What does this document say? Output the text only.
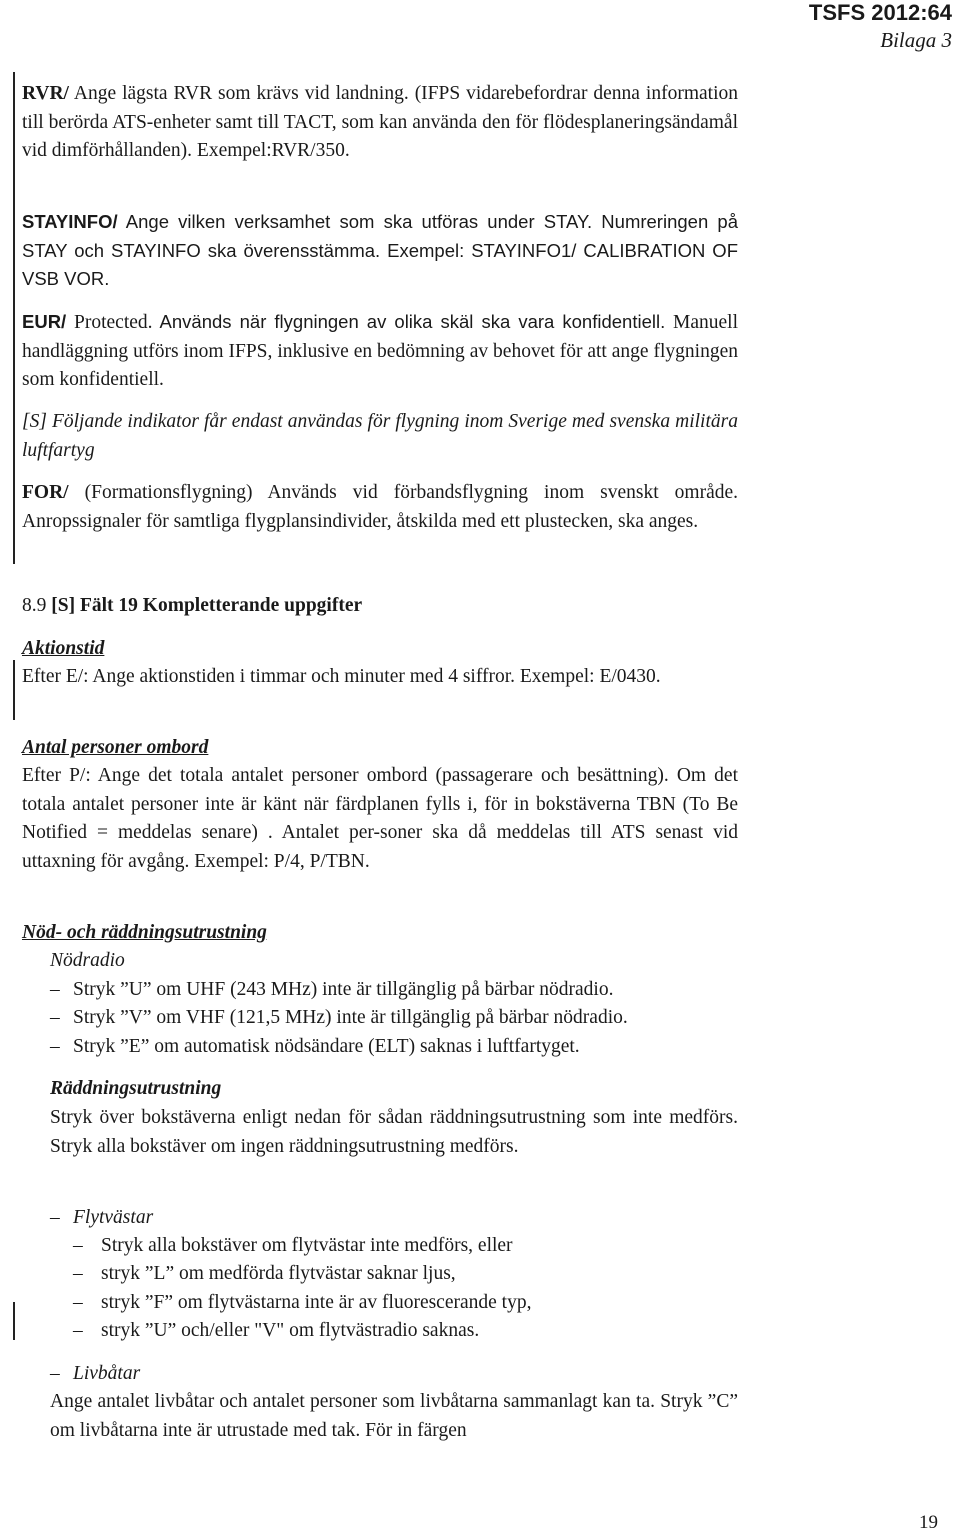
TSFS 2012:64
Bilaga 3

RVR/ Ange lägsta RVR som krävs vid landning. (IFPS vidarebefordrar denna information till berörda ATS-enheter samt till TACT, som kan använda den för flödesplaneringsändamål vid dimförhållanden). Exempel:RVR/350.

STAYINFO/ Ange vilken verksamhet som ska utföras under STAY. Numreringen på STAY och STAYINFO ska överensstämma. Exempel: STAYINFO1/ CALIBRATION OF VSB VOR.

EUR/ Protected. Används när flygningen av olika skäl ska vara konfidentiell. Manuell handläggning utförs inom IFPS, inklusive en bedömning av behovet för att ange flygningen som konfidentiell.

[S] Följande indikator får endast användas för flygning inom Sverige med svenska militära luftfartyg

FOR/ (Formationsflygning) Används vid förbandsflygning inom svenskt område. Anropssignaler för samtliga flygplansindivider, åtskilda med ett plustecken, ska anges.

8.9 [S] Fält 19 Kompletterande uppgifter

Aktionstid

Efter E/: Ange aktionstiden i timmar och minuter med 4 siffror. Exempel: E/0430.

Antal personer ombord

Efter P/: Ange det totala antalet personer ombord (passagerare och besättning). Om det totala antalet personer inte är känt när färdplanen fylls i, för in bokstäverna TBN (To Be Notified = meddelas senare) . Antalet per-soner ska då meddelas till ATS senast vid uttaxning för avgång. Exempel: P/4, P/TBN.

Nöd- och räddningsutrustning

Nödradio

– Stryk ”U” om UHF (243 MHz) inte är tillgänglig på bärbar nödradio.
– Stryk ”V” om VHF (121,5 MHz) inte är tillgänglig på bärbar nödradio.
– Stryk ”E” om automatisk nödsändare (ELT) saknas i luftfartyget.

Räddningsutrustning

Stryk över bokstäverna enligt nedan för sådan räddningsutrustning som inte medförs. Stryk alla bokstäver om ingen räddningsutrustning medförs.

– Flytvästar
– Stryk alla bokstäver om flytvästar inte medförs, eller
– stryk ”L” om medförda flytvästar saknar ljus,
– stryk ”F” om flytvästarna inte är av fluorescerande typ,
– stryk ”U” och/eller "V" om flytvästradio saknas.
– Livbåtar

Ange antalet livbåtar och antalet personer som livbåtarna sammanlagt kan ta. Stryk ”C” om livbåtarna inte är utrustade med tak. För in färgen

19
